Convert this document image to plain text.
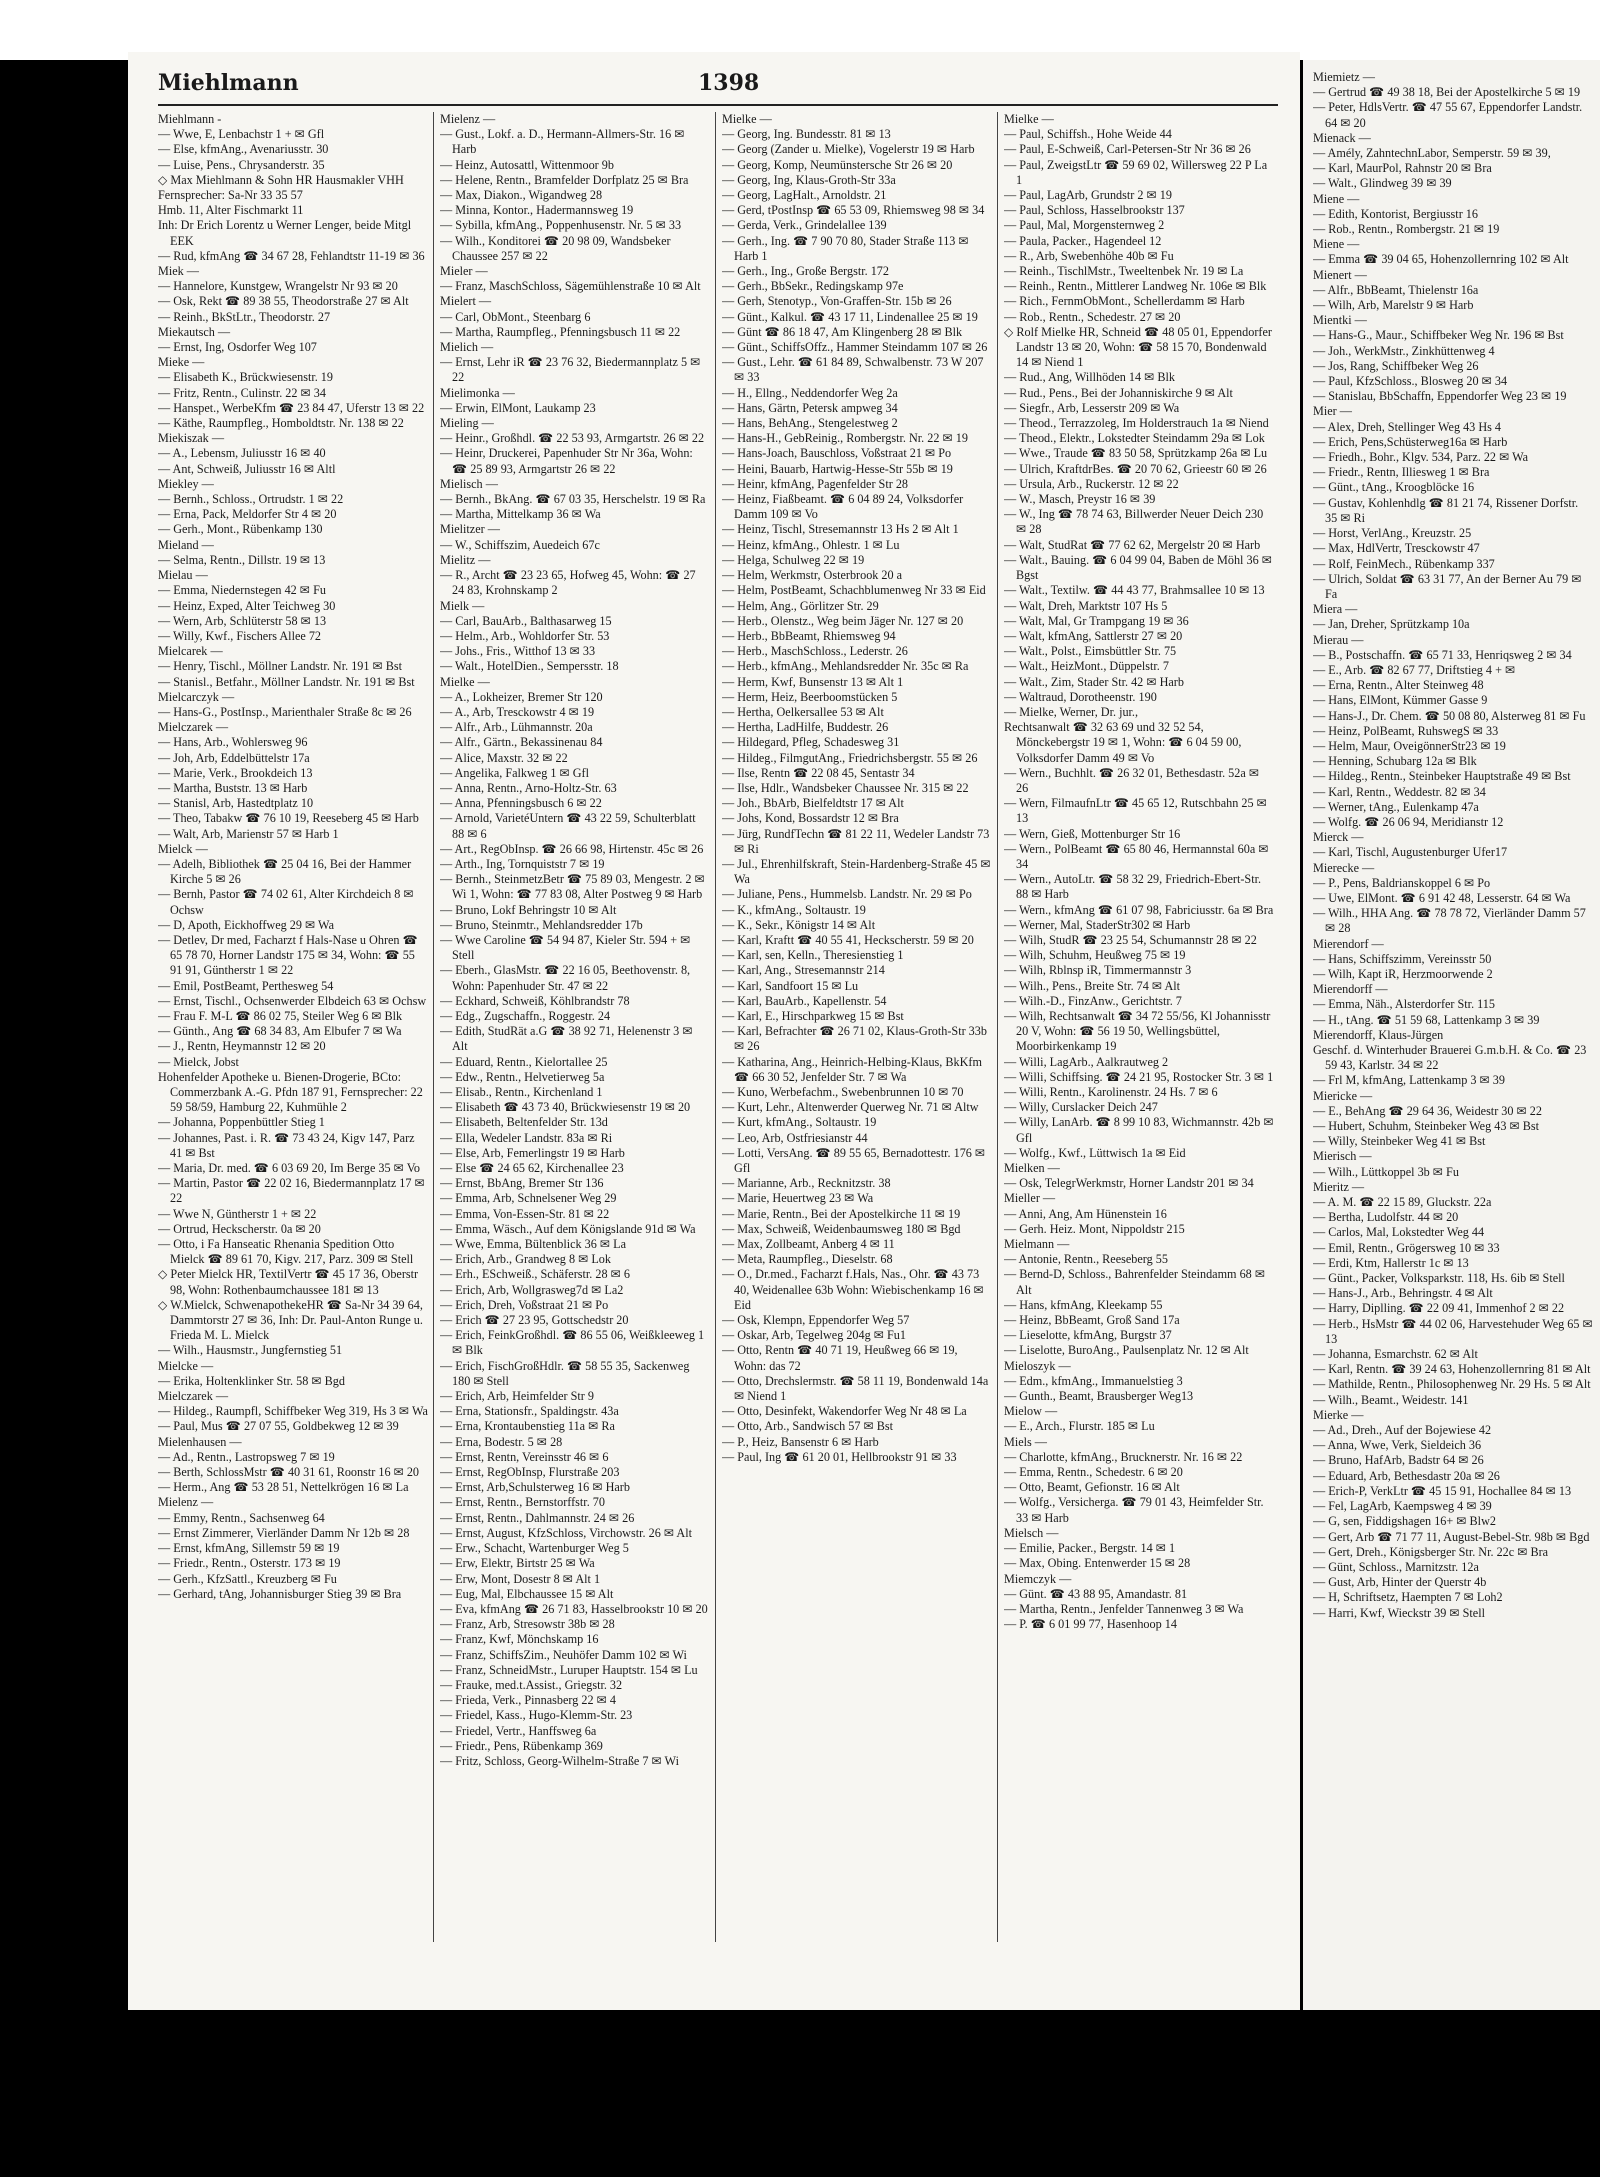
Miehlmann	1398

Miehlmann -

— Wwe, E, Lenbachstr 1 + ✉ Gfl

— Else, kfmAng., Avenariusstr. 30

— Luise, Pens., Chrysanderstr. 35

◇ Max Miehlmann & Sohn HR Hausmakler VHH

Fernsprecher: Sa-Nr 33 35 57

Hmb. 11, Alter Fischmarkt 11

Inh: Dr Erich Lorentz u Werner Lenger, beide Mitgl EEK

— Rud, kfmAng ☎ 34 67 28, Fehlandtstr 11-19 ✉ 36

Miek —

— Hannelore, Kunstgew, Wrangelstr Nr 93 ✉ 20

— Osk, Rekt ☎ 89 38 55, Theodorstraße 27 ✉ Alt

— Reinh., BkStLtr., Theodorstr. 27

Miekautsch —

— Ernst, Ing, Osdorfer Weg 107

Mieke —

— Elisabeth K., Brückwiesenstr. 19

— Fritz, Rentn., Culinstr. 22 ✉ 34

— Hanspet., WerbeKfm ☎ 23 84 47, Uferstr 13 ✉ 22

— Käthe, Raumpfleg., Homboldtstr. Nr. 138 ✉ 22

Miekiszak —

— A., Lebensm, Juliusstr 16 ✉ 40

— Ant, Schweiß, Juliusstr 16 ✉ Altl

Miekley —

— Bernh., Schloss., Ortrudstr. 1 ✉ 22

— Erna, Pack, Meldorfer Str 4 ✉ 20

— Gerh., Mont., Rübenkamp 130

Mieland —

— Selma, Rentn., Dillstr. 19 ✉ 13

Mielau —

— Emma, Niedernstegen 42 ✉ Fu

— Heinz, Exped, Alter Teichweg 30

— Wern, Arb, Schlüterstr 58 ✉ 13

— Willy, Kwf., Fischers Allee 72

Mielcarek —

— Henry, Tischl., Möllner Landstr. Nr. 191 ✉ Bst

— Stanisl., Betfahr., Möllner Landstr. Nr. 191 ✉ Bst

Mielcarczyk —

— Hans-G., PostInsp., Marienthaler Straße 8c ✉ 26

Mielczarek —

— Hans, Arb., Wohlersweg 96

— Joh, Arb, Eddelbüttelstr 17a

— Marie, Verk., Brookdeich 13

— Martha, Buststr. 13 ✉ Harb

— Stanisl, Arb, Hastedtplatz 10

— Theo, Tabakw ☎ 76 10 19, Reeseberg 45 ✉ Harb

— Walt, Arb, Marienstr 57 ✉ Harb 1

Mielck —

— Adelh, Bibliothek ☎ 25 04 16, Bei der Hammer Kirche 5 ✉ 26

— Bernh, Pastor ☎ 74 02 61, Alter Kirchdeich 8 ✉ Ochsw

— D, Apoth, Eickhoffweg 29 ✉ Wa

— Detlev, Dr med, Facharzt f Hals-Nase u Ohren ☎ 65 78 70, Horner Landstr 175 ✉ 34, Wohn: ☎ 55 91 91, Güntherstr 1 ✉ 22

— Emil, PostBeamt, Perthesweg 54

— Ernst, Tischl., Ochsenwerder Elbdeich 63 ✉ Ochsw

— Frau F. M-L ☎ 86 02 75, Steiler Weg 6 ✉ Blk

— Günth., Ang ☎ 68 34 83, Am Elbufer 7 ✉ Wa

— J., Rentn, Heymannstr 12 ✉ 20

— Mielck, Jobst

Hohenfelder Apotheke u. Bienen-Drogerie, BCto: Commerzbank A.-G. Pfdn 187 91, Fernsprecher: 22 59 58/59, Hamburg 22, Kuhmühle 2

— Johanna, Poppenbüttler Stieg 1

— Johannes, Past. i. R. ☎ 73 43 24, Kigv 147, Parz 41 ✉ Bst

— Maria, Dr. med. ☎ 6 03 69 20, Im Berge 35 ✉ Vo

— Martin, Pastor ☎ 22 02 16, Biedermannplatz 17 ✉ 22

— Wwe N, Güntherstr 1 + ✉ 22

— Ortrud, Heckscherstr. 0a ✉ 20

— Otto, i Fa Hanseatic Rhenania Spedition Otto Mielck ☎ 89 61 70, Kigv. 217, Parz. 309 ✉ Stell

◇ Peter Mielck HR, TextilVertr ☎ 45 17 36, Oberstr 98, Wohn: Rothenbaumchaussee 181 ✉ 13

◇ W.Mielck, SchwenapothekeHR ☎ Sa-Nr 34 39 64, Dammtorstr 27 ✉ 36, Inh: Dr. Paul-Anton Runge u. Frieda M. L. Mielck

— Wilh., Hausmstr., Jungfernstieg 51

Mielcke —

— Erika, Holtenklinker Str. 58 ✉ Bgd

Mielczarek —

— Hildeg., Raumpfl, Schiffbeker Weg 319, Hs 3 ✉ Wa

— Paul, Mus ☎ 27 07 55, Goldbekweg 12 ✉ 39

Mielenhausen —

— Ad., Rentn., Lastropsweg 7 ✉ 19

— Berth, SchlossMstr ☎ 40 31 61, Roonstr 16 ✉ 20

— Herm., Ang ☎ 53 28 51, Nettelkrögen 16 ✉ La

Mielenz —

— Emmy, Rentn., Sachsenweg 64

— Ernst Zimmerer, Vierländer Damm Nr 12b ✉ 28

— Ernst, kfmAng, Sillemstr 59 ✉ 19

— Friedr., Rentn., Osterstr. 173 ✉ 19

— Gerh., KfzSattl., Kreuzberg ✉ Fu

— Gerhard, tAng, Johannisburger Stieg 39 ✉ Bra

Mielenz —

— Gust., Lokf. a. D., Hermann-Allmers-Str. 16 ✉ Harb

— Heinz, Autosattl, Wittenmoor 9b

— Helene, Rentn., Bramfelder Dorfplatz 25 ✉ Bra

— Max, Diakon., Wigandweg 28

— Minna, Kontor., Hadermannsweg 19

— Sybilla, kfmAng., Poppenhusenstr. Nr. 5 ✉ 33

— Wilh., Konditorei ☎ 20 98 09, Wandsbeker Chaussee 257 ✉ 22

Mieler —

— Franz, MaschSchloss, Sägemühlenstraße 10 ✉ Alt

Mielert —

— Carl, ObMont., Steenbarg 6

— Martha, Raumpfleg., Pfenningsbusch 11 ✉ 22

Mielich —

— Ernst, Lehr iR ☎ 23 76 32, Biedermannplatz 5 ✉ 22

Mielimonka —

— Erwin, ElMont, Laukamp 23

Mieling —

— Heinr., Großhdl. ☎ 22 53 93, Armgartstr. 26 ✉ 22

— Heinr, Druckerei, Papenhuder Str Nr 36a, Wohn: ☎ 25 89 93, Armgartstr 26 ✉ 22

Mielisch —

— Bernh., BkAng. ☎ 67 03 35, Herschelstr. 19 ✉ Ra

— Martha, Mittelkamp 36 ✉ Wa

Mielitzer —

— W., Schiffszim, Auedeich 67c

Mielitz —

— R., Archt ☎ 23 23 65, Hofweg 45, Wohn: ☎ 27 24 83, Krohnskamp 2

Mielk —

— Carl, BauArb., Balthasarweg 15

— Helm., Arb., Wohldorfer Str. 53

— Johs., Fris., Witthof 13 ✉ 33

— Walt., HotelDien., Sempersstr. 18

Mielke —

— A., Lokheizer, Bremer Str 120

— A., Arb, Tresckowstr 4 ✉ 19

— Alfr., Arb., Lühmannstr. 20a

— Alfr., Gärtn., Bekassinenau 84

— Alice, Maxstr. 32 ✉ 22

— Angelika, Falkweg 1 ✉ Gfl

— Anna, Rentn., Arno-Holtz-Str. 63

— Anna, Pfenningsbusch 6 ✉ 22

— Arnold, VarietéUntern ☎ 43 22 59, Schulterblatt 88 ✉ 6

— Art., RegObInsp. ☎ 26 66 98, Hirtenstr. 45c ✉ 26

— Arth., Ing, Tornquiststr 7 ✉ 19

— Bernh., SteinmetzBetr ☎ 75 89 03, Mengestr. 2 ✉ Wi 1, Wohn: ☎ 77 83 08, Alter Postweg 9 ✉ Harb

— Bruno, Lokf Behringstr 10 ✉ Alt

— Bruno, Steinmtr., Mehlandsredder 17b

— Wwe Caroline ☎ 54 94 87, Kieler Str. 594 + ✉ Stell

— Eberh., GlasMstr. ☎ 22 16 05, Beethovenstr. 8, Wohn: Papenhuder Str. 47 ✉ 22

— Eckhard, Schweiß, Köhlbrandstr 78

— Edg., Zugschaffn., Roggestr. 24

— Edith, StudRät a.G ☎ 38 92 71, Helenenstr 3 ✉ Alt

— Eduard, Rentn., Kielortallee 25

— Edw., Rentn., Helvetierweg 5a

— Elisab., Rentn., Kirchenland 1

— Elisabeth ☎ 43 73 40, Brückwiesenstr 19 ✉ 20

— Elisabeth, Beltenfelder Str. 13d

— Ella, Wedeler Landstr. 83a ✉ Ri

— Else, Arb, Femerlingstr 19 ✉ Harb

— Else ☎ 24 65 62, Kirchenallee 23

— Ernst, BbAng, Bremer Str 136

— Emma, Arb, Schnelsener Weg 29

— Emma, Von-Essen-Str. 81 ✉ 22

— Emma, Wäsch., Auf dem Königslande 91d ✉ Wa

— Wwe, Emma, Bültenblick 36 ✉ La

— Erich, Arb., Grandweg 8 ✉ Lok

— Erh., ESchweiß., Schäferstr. 28 ✉ 6

— Erich, Arb, Wollgrasweg7d ✉ La2

— Erich, Dreh, Voßstraat 21 ✉ Po

— Erich ☎ 27 23 95, Gottschedstr 20

— Erich, FeinkGroßhdl. ☎ 86 55 06, Weißkleeweg 1 ✉ Blk

— Erich, FischGroßHdlr. ☎ 58 55 35, Sackenweg 180 ✉ Stell

— Erich, Arb, Heimfelder Str 9

— Erna, Stationsfr., Spaldingstr. 43a

— Erna, Krontaubenstieg 11a ✉ Ra

— Erna, Bodestr. 5 ✉ 28

— Ernst, Rentn, Vereinsstr 46 ✉ 6

— Ernst, RegObInsp, Flurstraße 203

— Ernst, Arb,Schulsterweg 16 ✉ Harb

— Ernst, Rentn., Bernstorffstr. 70

— Ernst, Rentn., Dahlmannstr. 24 ✉ 26

— Ernst, August, KfzSchloss, Virchowstr. 26 ✉ Alt

— Erw., Schacht, Wartenburger Weg 5

— Erw, Elektr, Birtstr 25 ✉ Wa

— Erw, Mont, Dosestr 8 ✉ Alt 1

— Eug, Mal, Elbchaussee 15 ✉ Alt

— Eva, kfmAng ☎ 26 71 83, Hasselbrookstr 10 ✉ 20

— Franz, Arb, Stresowstr 38b ✉ 28

— Franz, Kwf, Mönchskamp 16

— Franz, SchiffsZim., Neuhöfer Damm 102 ✉ Wi

— Franz, SchneidMstr., Luruper Hauptstr. 154 ✉ Lu

— Frauke, med.t.Assist., Griegstr. 32

— Frieda, Verk., Pinnasberg 22 ✉ 4

— Friedel, Kass., Hugo-Klemm-Str. 23

— Friedel, Vertr., Hanffsweg 6a

— Friedr., Pens, Rübenkamp 369

— Fritz, Schloss, Georg-Wilhelm-Straße 7 ✉ Wi

Mielke —

— Georg, Ing. Bundesstr. 81 ✉ 13

— Georg (Zander u. Mielke), Vogelerstr 19 ✉ Harb

— Georg, Komp, Neumünstersche Str 26 ✉ 20

— Georg, Ing, Klaus-Groth-Str 33a

— Georg, LagHalt., Arnoldstr. 21

— Gerd, tPostInsp ☎ 65 53 09, Rhiemsweg 98 ✉ 34

— Gerda, Verk., Grindelallee 139

— Gerh., Ing. ☎ 7 90 70 80, Stader Straße 113 ✉ Harb 1

— Gerh., Ing., Große Bergstr. 172

— Gerh., BbSekr., Redingskamp 97e

— Gerh, Stenotyp., Von-Graffen-Str. 15b ✉ 26

— Günt., Kalkul. ☎ 43 17 11, Lindenallee 25 ✉ 19

— Günt ☎ 86 18 47, Am Klingenberg 28 ✉ Blk

— Günt., SchiffsOffz., Hammer Steindamm 107 ✉ 26

— Gust., Lehr. ☎ 61 84 89, Schwalbenstr. 73 W 207 ✉ 33

— H., Ellng., Neddendorfer Weg 2a

— Hans, Gärtn, Petersk ampweg 34

— Hans, BehAng., Stengelestweg 2

— Hans-H., GebReinig., Rombergstr. Nr. 22 ✉ 19

— Hans-Joach, Bauschloss, Voßstraat 21 ✉ Po

— Heini, Bauarb, Hartwig-Hesse-Str 55b ✉ 19

— Heinr, kfmAng, Pagenfelder Str 28

— Heinz, Fiaßbeamt. ☎ 6 04 89 24, Volksdorfer Damm 109 ✉ Vo

— Heinz, Tischl, Stresemannstr 13 Hs 2 ✉ Alt 1

— Heinz, kfmAng., Ohlestr. 1 ✉ Lu

— Helga, Schulweg 22 ✉ 19

— Helm, Werkmstr, Osterbrook 20 a

— Helm, PostBeamt, Schachblumenweg Nr 33 ✉ Eid

— Helm, Ang., Görlitzer Str. 29

— Herb., Olenstz., Weg beim Jäger Nr. 127 ✉ 20

— Herb., BbBeamt, Rhiemsweg 94

— Herb., MaschSchloss., Lederstr. 26

— Herb., kfmAng., Mehlandsredder Nr. 35c ✉ Ra

— Herm, Kwf, Bunsenstr 13 ✉ Alt 1

— Herm, Heiz, Beerboomstücken 5

— Hertha, Oelkersallee 53 ✉ Alt

— Hertha, LadHilfe, Buddestr. 26

— Hildegard, Pfleg, Schadesweg 31

— Hildeg., FilmgutAng., Friedrichsbergstr. 55 ✉ 26

— Ilse, Rentn ☎ 22 08 45, Sentastr 34

— Ilse, Hdlr., Wandsbeker Chaussee Nr. 315 ✉ 22

— Joh., BbArb, Bielfeldtstr 17 ✉ Alt

— Johs, Kond, Bossardstr 12 ✉ Bra

— Jürg, RundfTechn ☎ 81 22 11, Wedeler Landstr 73 ✉ Ri

— Jul., Ehrenhilfskraft, Stein-Hardenberg-Straße 45 ✉ Wa

— Juliane, Pens., Hummelsb. Landstr. Nr. 29 ✉ Po

— K., kfmAng., Soltaustr. 19

— K., Sekr., Königstr 14 ✉ Alt

— Karl, Kraftt ☎ 40 55 41, Heckscherstr. 59 ✉ 20

— Karl, sen, Kelln., Theresienstieg 1

— Karl, Ang., Stresemannstr 214

— Karl, Sandfoort 15 ✉ Lu

— Karl, BauArb., Kapellenstr. 54

— Karl, E., Hirschparkweg 15 ✉ Bst

— Karl, Befrachter ☎ 26 71 02, Klaus-Groth-Str 33b ✉ 26

— Katharina, Ang., Heinrich-Helbing-Klaus, BkKfm ☎ 66 30 52, Jenfelder Str. 7 ✉ Wa

— Kuno, Werbefachm., Swebenbrunnen 10 ✉ 70

— Kurt, Lehr., Altenwerder Querweg Nr. 71 ✉ Altw

— Kurt, kfmAng., Soltaustr. 19

— Leo, Arb, Ostfriesianstr 44

— Lotti, VersAng. ☎ 89 55 65, Bernadottestr. 176 ✉ Gfl

— Marianne, Arb., Recknitzstr. 38

— Marie, Heuertweg 23 ✉ Wa

— Marie, Rentn., Bei der Apostelkirche 11 ✉ 19

— Max, Schweiß, Weidenbaumsweg 180 ✉ Bgd

— Max, Zollbeamt, Anberg 4 ✉ 11

— Meta, Raumpfleg., Dieselstr. 68

— O., Dr.med., Facharzt f.Hals, Nas., Ohr. ☎ 43 73 40, Weidenallee 63b Wohn: Wiebischenkamp 16 ✉ Eid

— Osk, Klempn, Eppendorfer Weg 57

— Oskar, Arb, Tegelweg 204g ✉ Fu1

— Otto, Rentn ☎ 40 71 19, Heußweg 66 ✉ 19, Wohn: das 72

— Otto, Drechslermstr. ☎ 58 11 19, Bondenwald 14a ✉ Niend 1

— Otto, Desinfekt, Wakendorfer Weg Nr 48 ✉ La

— Otto, Arb., Sandwisch 57 ✉ Bst

— P., Heiz, Bansenstr 6 ✉ Harb

— Paul, Ing ☎ 61 20 01, Hellbrookstr 91 ✉ 33

Mielke —

— Paul, Schiffsh., Hohe Weide 44

— Paul, E-Schweiß, Carl-Petersen-Str Nr 36 ✉ 26

— Paul, ZweigstLtr ☎ 59 69 02, Willersweg 22 P La 1

— Paul, LagArb, Grundstr 2 ✉ 19

— Paul, Schloss, Hasselbrookstr 137

— Paul, Mal, Morgensternweg 2

— Paula, Packer., Hagendeel 12

— R., Arb, Swebenhöhe 40b ✉ Fu

— Reinh., TischlMstr., Tweeltenbek Nr. 19 ✉ La

— Reinh., Rentn., Mittlerer Landweg Nr. 106e ✉ Blk

— Rich., FernmObMont., Schellerdamm ✉ Harb

— Rob., Rentn., Schedestr. 27 ✉ 20

◇ Rolf Mielke HR, Schneid ☎ 48 05 01, Eppendorfer Landstr 13 ✉ 20, Wohn: ☎ 58 15 70, Bondenwald 14 ✉ Niend 1

— Rud., Ang, Willhöden 14 ✉ Blk

— Rud., Pens., Bei der Johanniskirche 9 ✉ Alt

— Siegfr., Arb, Lesserstr 209 ✉ Wa

— Theod., Terrazzoleg, Im Holderstrauch 1a ✉ Niend

— Theod., Elektr., Lokstedter Steindamm 29a ✉ Lok

— Wwe., Traude ☎ 83 50 58, Sprützkamp 26a ✉ Lu

— Ulrich, KraftdrBes. ☎ 20 70 62, Grieestr 60 ✉ 26

— Ursula, Arb., Ruckerstr. 12 ✉ 22

— W., Masch, Preystr 16 ✉ 39

— W., Ing ☎ 78 74 63, Billwerder Neuer Deich 230 ✉ 28

— Walt, StudRat ☎ 77 62 62, Mergelstr 20 ✉ Harb

— Walt., Bauing. ☎ 6 04 99 04, Baben de Möhl 36 ✉ Bgst

— Walt., Textilw. ☎ 44 43 77, Brahmsallee 10 ✉ 13

— Walt, Dreh, Marktstr 107 Hs 5

— Walt, Mal, Gr Trampgang 19 ✉ 36

— Walt, kfmAng, Sattlerstr 27 ✉ 20

— Walt., Polst., Eimsbüttler Str. 75

— Walt., HeizMont., Düppelstr. 7

— Walt., Zim, Stader Str. 42 ✉ Harb

— Waltraud, Dorotheenstr. 190

— Mielke, Werner, Dr. jur.,

Rechtsanwalt ☎ 32 63 69 und 32 52 54, Mönckebergstr 19 ✉ 1, Wohn: ☎ 6 04 59 00, Volksdorfer Damm 49 ✉ Vo

— Wern., Buchhlt. ☎ 26 32 01, Bethesdastr. 52a ✉ 26

— Wern, FilmaufnLtr ☎ 45 65 12, Rutschbahn 25 ✉ 13

— Wern, Gieß, Mottenburger Str 16

— Wern., PolBeamt ☎ 65 80 46, Hermannstal 60a ✉ 34

— Wern., AutoLtr. ☎ 58 32 29, Friedrich-Ebert-Str. 88 ✉ Harb

— Wern., kfmAng ☎ 61 07 98, Fabriciusstr. 6a ✉ Bra

— Werner, Mal, StaderStr302 ✉ Harb

— Wilh, StudR ☎ 23 25 54, Schumannstr 28 ✉ 22

— Wilh, Schuhm, Heußweg 75 ✉ 19

— Wilh, Rblnsp iR, Timmermannstr 3

— Wilh., Pens., Breite Str. 74 ✉ Alt

— Wilh.-D., FinzAnw., Gerichtstr. 7

— Wilh, Rechtsanwalt ☎ 34 72 55/56, Kl Johannisstr 20 V, Wohn: ☎ 56 19 50, Wellingsbüttel, Moorbirkenkamp 19

— Willi, LagArb., Aalkrautweg 2

— Willi, Schiffsing. ☎ 24 21 95, Rostocker Str. 3 ✉ 1

— Willi, Rentn., Karolinenstr. 24 Hs. 7 ✉ 6

— Willy, Curslacker Deich 247

— Willy, LanArb. ☎ 8 99 10 83, Wichmannstr. 42b ✉ Gfl

— Wolfg., Kwf., Lüttwisch 1a ✉ Eid

Mielken —

— Osk, TelegrWerkmstr, Horner Landstr 201 ✉ 34

Mieller —

— Anni, Ang, Am Hünenstein 16

— Gerh. Heiz. Mont, Nippoldstr 215

Mielmann —

— Antonie, Rentn., Reeseberg 55

— Bernd-D, Schloss., Bahrenfelder Steindamm 68 ✉ Alt

— Hans, kfmAng, Kleekamp 55

— Heinz, BbBeamt, Groß Sand 17a

— Lieselotte, kfmAng, Burgstr 37

— Liselotte, BuroAng., Paulsenplatz Nr. 12 ✉ Alt

Mieloszyk —

— Edm., kfmAng., Immanuelstieg 3

— Gunth., Beamt, Brausberger Weg13

Mielow —

— E., Arch., Flurstr. 185 ✉ Lu

Miels —

— Charlotte, kfmAng., Brucknerstr. Nr. 16 ✉ 22

— Emma, Rentn., Schedestr. 6 ✉ 20

— Otto, Beamt, Gefionstr. 16 ✉ Alt

— Wolfg., Versicherga. ☎ 79 01 43, Heimfelder Str. 33 ✉ Harb

Mielsch —

— Emilie, Packer., Bergstr. 14 ✉ 1

— Max, Obing. Entenwerder 15 ✉ 28

Miemczyk —

— Günt. ☎ 43 88 95, Amandastr. 81

— Martha, Rentn., Jenfelder Tannenweg 3 ✉ Wa

— P. ☎ 6 01 99 77, Hasenhoop 14

Miemietz —

— Gertrud ☎ 49 38 18, Bei der Apostelkirche 5 ✉ 19

— Peter, HdlsVertr. ☎ 47 55 67, Eppendorfer Landstr. 64 ✉ 20

Mienack —

— Amély, ZahntechnLabor, Semperstr. 59 ✉ 39,

— Karl, MaurPol, Rahnstr 20 ✉ Bra

— Walt., Glindweg 39 ✉ 39

Miene —

— Edith, Kontorist, Bergiusstr 16

— Rob., Rentn., Rombergstr. 21 ✉ 19

Miene —

— Emma ☎ 39 04 65, Hohenzollernring 102 ✉ Alt

Mienert —

— Alfr., BbBeamt, Thielenstr 16a

— Wilh, Arb, Marelstr 9 ✉ Harb

Mientki —

— Hans-G., Maur., Schiffbeker Weg Nr. 196 ✉ Bst

— Joh., WerkMstr., Zinkhüttenweg 4

— Jos, Rang, Schiffbeker Weg 26

— Paul, KfzSchloss., Blosweg 20 ✉ 34

— Stanislau, BbSchaffn, Eppendorfer Weg 23 ✉ 19

Mier —

— Alex, Dreh, Stellinger Weg 43 Hs 4

— Erich, Pens,Schüsterweg16a ✉ Harb

— Friedh., Bohr., Klgv. 534, Parz. 22 ✉ Wa

— Friedr., Rentn, Illiesweg 1 ✉ Bra

— Günt., tAng., Kroogblöcke 16

— Gustav, Kohlenhdlg ☎ 81 21 74, Rissener Dorfstr. 35 ✉ Ri

— Horst, VerlAng., Kreuzstr. 25

— Max, HdlVertr, Tresckowstr 47

— Rolf, FeinMech., Rübenkamp 337

— Ulrich, Soldat ☎ 63 31 77, An der Berner Au 79 ✉ Fa

Miera —

— Jan, Dreher, Sprützkamp 10a

Mierau —

— B., Postschaffn. ☎ 65 71 33, Henriqsweg 2 ✉ 34

— E., Arb. ☎ 82 67 77, Driftstieg 4 + ✉

— Erna, Rentn., Alter Steinweg 48

— Hans, ElMont, Kümmer Gasse 9

— Hans-J., Dr. Chem. ☎ 50 08 80, Alsterweg 81 ✉ Fu

— Heinz, PolBeamt, RuhswegS ✉ 33

— Helm, Maur, OveigönnerStr23 ✉ 19

— Henning, Schubarg 12a ✉ Blk

— Hildeg., Rentn., Steinbeker Hauptstraße 49 ✉ Bst

— Karl, Rentn., Weddestr. 82 ✉ 34

— Werner, tAng., Eulenkamp 47a

— Wolfg. ☎ 26 06 94, Meridianstr 12

Mierck —

— Karl, Tischl, Augustenburger Ufer17

Mierecke —

— P., Pens, Baldrianskoppel 6 ✉ Po

— Uwe, ElMont. ☎ 6 91 42 48, Lesserstr. 64 ✉ Wa

— Wilh., HHA Ang. ☎ 78 78 72, Vierländer Damm 57 ✉ 28

Mierendorf —

— Hans, Schiffszimm, Vereinsstr 50

— Wilh, Kapt iR, Herzmoorwende 2

Mierendorff —

— Emma, Näh., Alsterdorfer Str. 115

— H., tAng. ☎ 51 59 68, Lattenkamp 3 ✉ 39

Mierendorff, Klaus-Jürgen

Geschf. d. Winterhuder Brauerei G.m.b.H. & Co. ☎ 23 59 43, Karlstr. 34 ✉ 22

— Frl M, kfmAng, Lattenkamp 3 ✉ 39

Miericke —

— E., BehAng ☎ 29 64 36, Weidestr 30 ✉ 22

— Hubert, Schuhm, Steinbeker Weg 43 ✉ Bst

— Willy, Steinbeker Weg 41 ✉ Bst

Mierisch —

— Wilh., Lüttkoppel 3b ✉ Fu

Mieritz —

— A. M. ☎ 22 15 89, Gluckstr. 22a

— Bertha, Ludolfstr. 44 ✉ 20

— Carlos, Mal, Lokstedter Weg 44

— Emil, Rentn., Grögersweg 10 ✉ 33

— Erdi, Ktm, Hallerstr 1c ✉ 13

— Günt., Packer, Volksparkstr. 118, Hs. 6ib ✉ Stell

— Hans-J., Arb., Behringstr. 4 ✉ Alt

— Harry, Diplling. ☎ 22 09 41, Immenhof 2 ✉ 22

— Herb., HsMstr ☎ 44 02 06, Harvestehuder Weg 65 ✉ 13

— Johanna, Esmarchstr. 62 ✉ Alt

— Karl, Rentn. ☎ 39 24 63, Hohenzollernring 81 ✉ Alt

— Mathilde, Rentn., Philosophenweg Nr. 29 Hs. 5 ✉ Alt

— Wilh., Beamt., Weidestr. 141

Mierke —

— Ad., Dreh., Auf der Bojewiese 42

— Anna, Wwe, Verk, Sieldeich 36

— Bruno, HafArb, Badstr 64 ✉ 26

— Eduard, Arb, Bethesdastr 20a ✉ 26

— Erich-P, VerkLtr ☎ 45 15 91, Hochallee 84 ✉ 13

— Fel, LagArb, Kaempsweg 4 ✉ 39

— G, sen, Fiddigshagen 16+ ✉ Blw2

— Gert, Arb ☎ 71 77 11, August-Bebel-Str. 98b ✉ Bgd

— Gert, Dreh., Königsberger Str. Nr. 22c ✉ Bra

— Günt, Schloss., Marnitzstr. 12a

— Gust, Arb, Hinter der Querstr 4b

— H, Schriftsetz, Haempten 7 ✉ Loh2

— Harri, Kwf, Wieckstr 39 ✉ Stell
